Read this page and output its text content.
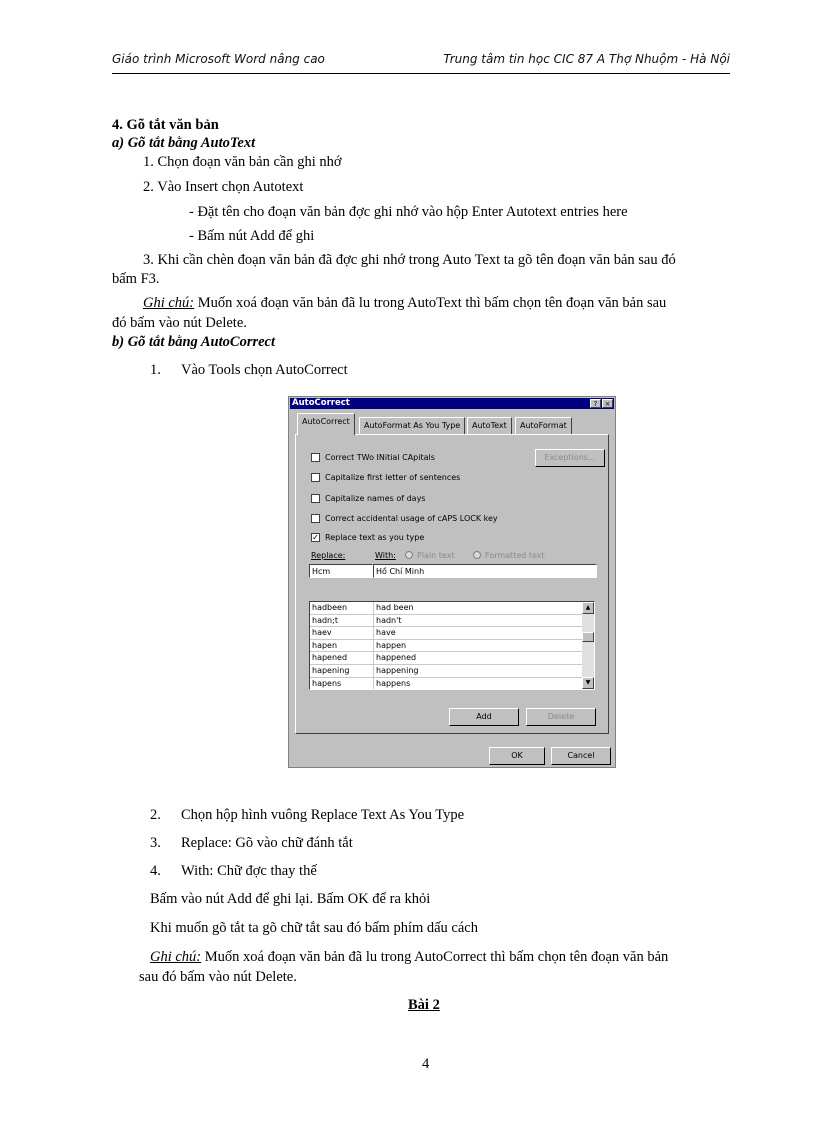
Giáo trình Microsoft Word nâng cao	Trung tâm tin học CIC 87 A Thợ Nhuộm - Hà Nội
4. Gõ tắt văn bản
a) Gõ tắt bằng AutoText
1. Chọn đoạn văn bản cần ghi nhớ
2. Vào Insert chọn Autotext
- Đặt tên cho đoạn văn bản đợc ghi nhớ vào hộp Enter Autotext entries here
- Bấm nút Add để ghi
3. Khi cần chèn đoạn văn bản đã đợc ghi nhớ trong Auto Text ta gõ tên đoạn văn bản sau đó
bấm F3.
Ghi chú: Muốn xoá đoạn văn bản đã lu trong AutoText thì bấm chọn tên đoạn văn bản sau
đó bấm vào nút Delete.
b) Gõ tắt bằng AutoCorrect
1. Vào Tools chọn AutoCorrect
AutoCorrect	?	×
AutoCorrect	AutoFormat As You Type	AutoText	AutoFormat
Correct TWo INitial CApitals	Exceptions...
Capitalize first letter of sentences
Capitalize names of days
Correct accidental usage of cAPS LOCK key
✓ Replace text as you type
Replace:	With:	Plain text	Formatted text
Hcm	Hồ Chí Minh
hadbeen	had been
hadn;t	hadn't
haev	have
hapen	happen
hapened	happened
hapening	happening
hapens	happens
▲
▼
Add	Delete
OK	Cancel
2. Chọn hộp hình vuông Replace Text As You Type
3. Replace: Gõ vào chữ đánh tắt
4. With: Chữ đợc thay thế
Bấm vào nút Add để ghi lại. Bấm OK để ra khỏi
Khi muốn gõ tắt ta gõ chữ tắt sau đó bấm phím dấu cách
Ghi chú: Muốn xoá đoạn văn bản đã lu trong AutoCorrect thì bấm chọn tên đoạn văn bản
sau đó bấm vào nút Delete.
Bài 2
4
